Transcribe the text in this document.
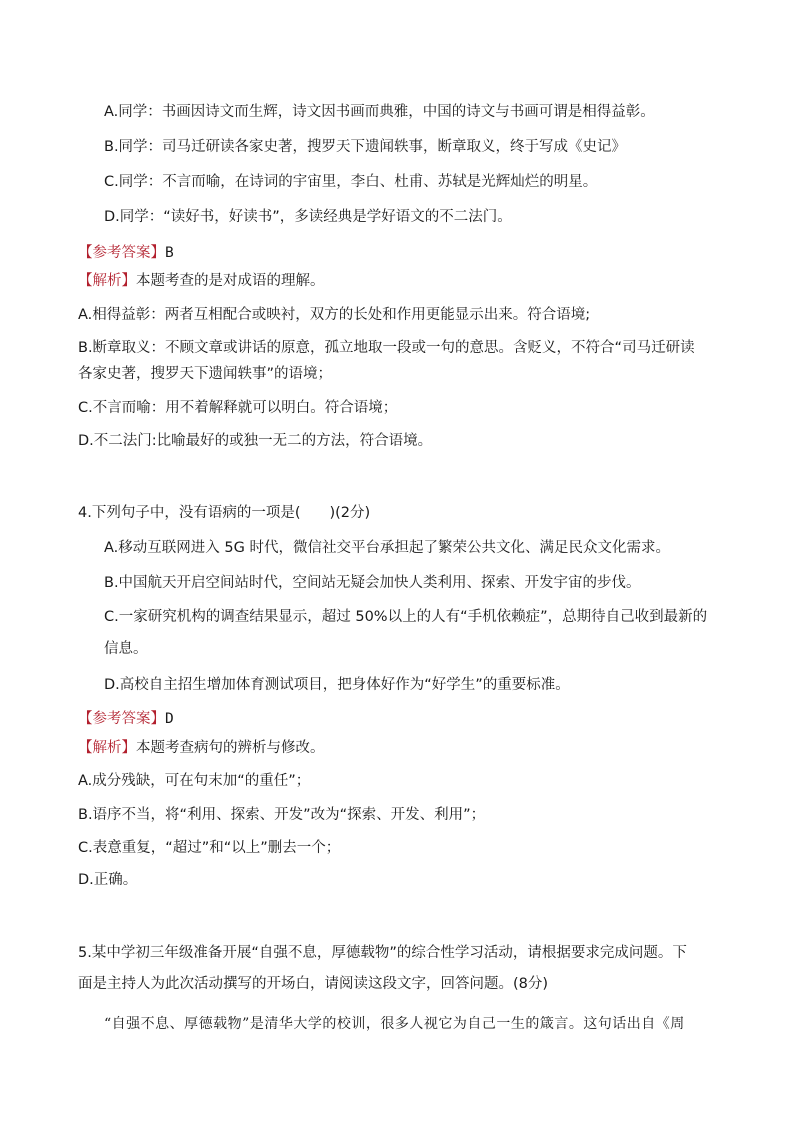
A.同学：书画因诗文而生辉，诗文因书画而典雅，中国的诗文与书画可谓是相得益彰。
B.同学：司马迁研读各家史著，搜罗天下遗闻轶事，断章取义，终于写成《史记》
C.同学：不言而喻，在诗词的宇宙里，李白、杜甫、苏轼是光辉灿烂的明星。
D.同学：“读好书，好读书”，多读经典是学好语文的不二法门。
【参考答案】B
【解析】本题考查的是对成语的理解。
A.相得益彰：两者互相配合或映衬，双方的长处和作用更能显示出来。符合语境;
B.断章取义：不顾文章或讲话的原意，孤立地取一段或一句的意思。含贬义，不符合“司马迁研读
各家史著，搜罗天下遗闻轶事”的语境；
C.不言而喻：用不着解释就可以明白。符合语境；
D.不二法门:比喻最好的或独一无二的方法，符合语境。
4.下列句子中，没有语病的一项是(　　)(2分)
A.移动互联网进入 5G 时代，微信社交平台承担起了繁荣公共文化、满足民众文化需求。
B.中国航天开启空间站时代，空间站无疑会加快人类利用、探索、开发宇宙的步伐。
C.一家研究机构的调查结果显示，超过 50%以上的人有“手机依赖症”，总期待自己收到最新的
信息。
D.高校自主招生增加体育测试项目，把身体好作为“好学生”的重要标准。
【参考答案】D
【解析】本题考查病句的辨析与修改。
A.成分残缺，可在句末加“的重任”；
B.语序不当，将“利用、探索、开发”改为“探索、开发、利用”；
C.表意重复，“超过”和“以上”删去一个；
D.正确。
5.某中学初三年级准备开展“自强不息，厚德载物”的综合性学习活动，请根据要求完成问题。下
面是主持人为此次活动撰写的开场白，请阅读这段文字，回答问题。(8分)
“自强不息、厚德载物”是清华大学的校训，很多人视它为自己一生的箴言。这句话出自《周
